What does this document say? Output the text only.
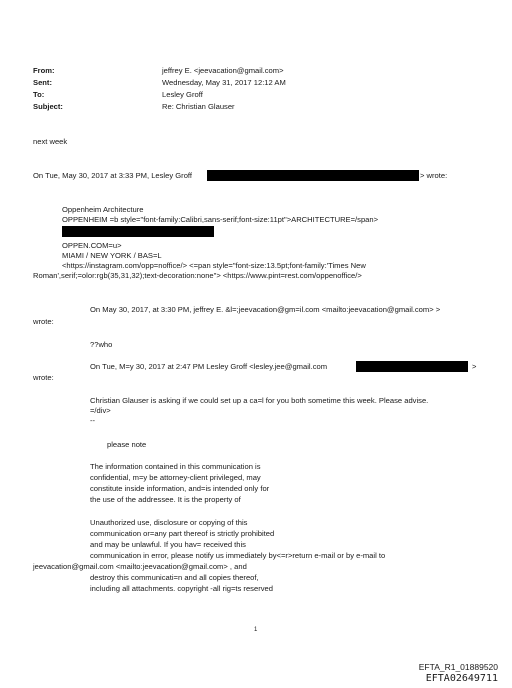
From:	jeffrey E. <jeevacation@gmail.com>
Sent:	Wednesday, May 31, 2017 12:12 AM
To:	Lesley Groff
Subject:	Re: Christian Glauser
next week
On Tue, May 30, 2017 at 3:33 PM, Lesley Groff	> wrote:
Oppenheim Architecture
OPPENHEIM =b style="font-family:Calibri,sans-serif;font-size:11pt">ARCHITECTURE=/span>
OPPEN.COM=u>
MIAMI / NEW YORK / BAS=L
<https://instagram.com/opp=noffice/> <=pan style="font-size:13.5pt;font-family:'Times New
Roman',serif;=olor:rgb(35,31,32);text-decoration:none"> <https://www.pint=rest.com/oppenoffice/>
On May 30, 2017, at 3:30 PM, jeffrey E. &l=;jeevacation@gm=il.com <mailto:jeevacation@gmail.com> >
wrote:
??who
On Tue, M=y 30, 2017 at 2:47 PM Lesley Groff <lesley.jee@gmail.com	>
wrote:
Christian Glauser is asking if we could set up a ca=l for you both sometime this week. Please advise.
=/div>
--
please note
The information contained in this communication is
confidential, m=y be attorney-client privileged, may
constitute inside information, and=is intended only for
the use of the addressee. It is the property of
Unauthorized use, disclosure or copying of this
communication or=any part thereof is strictly prohibited
and may be unlawful. If you hav= received this
communication in error, please notify us immediately by<=r>return e-mail or by e-mail to
jeevacation@gmail.com <mailto:jeevacation@gmail.com> , and
destroy this communicati=n and all copies thereof,
including all attachments. copyright -all rig=ts reserved
1
EFTA_R1_01889520
EFTA02649711
